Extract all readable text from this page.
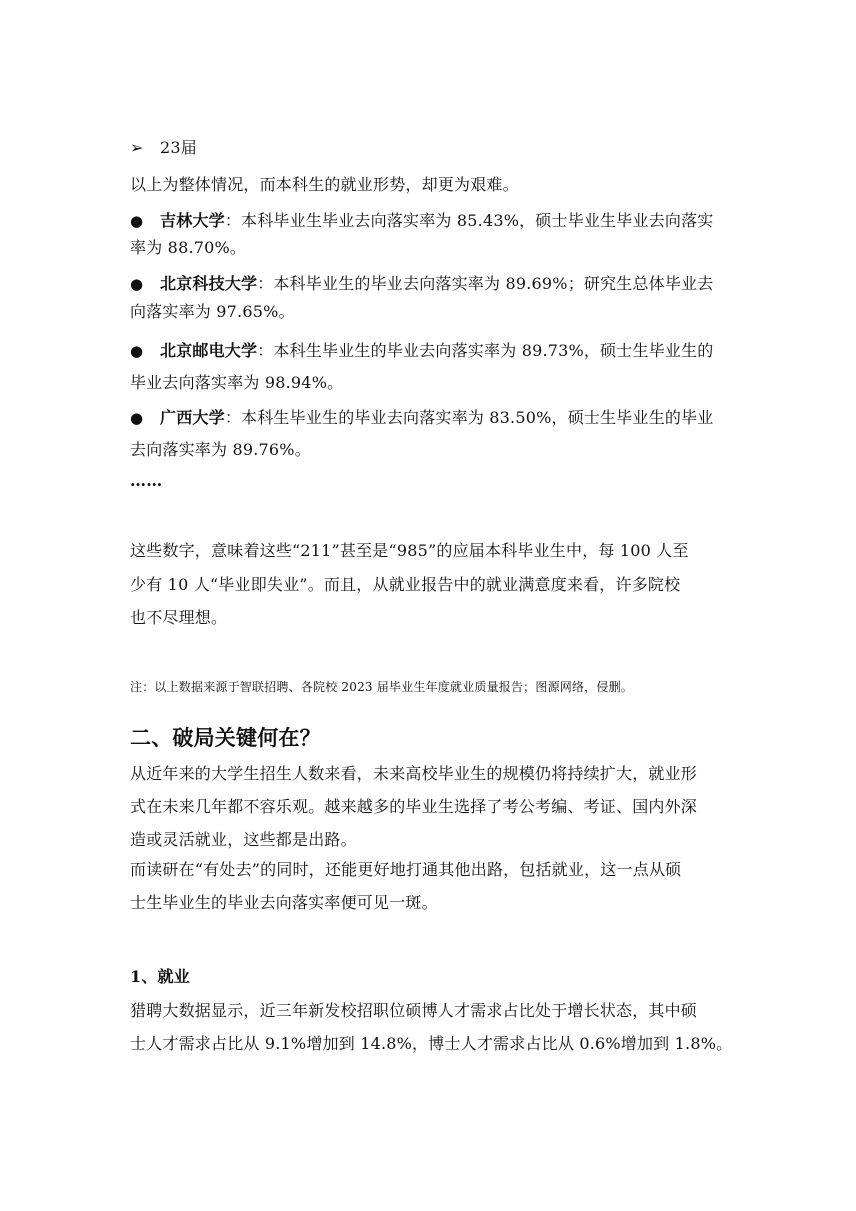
➢ 23届
以上为整体情况，而本科生的就业形势，却更为艰难。
● 吉林大学：本科毕业生毕业去向落实率为 85.43%，硕士毕业生毕业去向落实
率为 88.70%。
● 北京科技大学：本科毕业生的毕业去向落实率为 89.69%；研究生总体毕业去
向落实率为 97.65%。
● 北京邮电大学：本科生毕业生的毕业去向落实率为 89.73%，硕士生毕业生的
毕业去向落实率为 98.94%。
● 广西大学：本科生毕业生的毕业去向落实率为 83.50%，硕士生毕业生的毕业
去向落实率为 89.76%。
……
这些数字，意味着这些“211”甚至是“985”的应届本科毕业生中，每 100 人至
少有 10 人“毕业即失业”。而且，从就业报告中的就业满意度来看，许多院校
也不尽理想。
注：以上数据来源于智联招聘、各院校 2023 届毕业生年度就业质量报告；图源网络，侵删。
二、破局关键何在？
从近年来的大学生招生人数来看，未来高校毕业生的规模仍将持续扩大，就业形
式在未来几年都不容乐观。越来越多的毕业生选择了考公考编、考证、国内外深
造或灵活就业，这些都是出路。
而读研在“有处去”的同时，还能更好地打通其他出路，包括就业，这一点从硕
士生毕业生的毕业去向落实率便可见一斑。
1、就业
猎聘大数据显示，近三年新发校招职位硕博人才需求占比处于增长状态，其中硕
士人才需求占比从 9.1%增加到 14.8%，博士人才需求占比从 0.6%增加到 1.8%。
